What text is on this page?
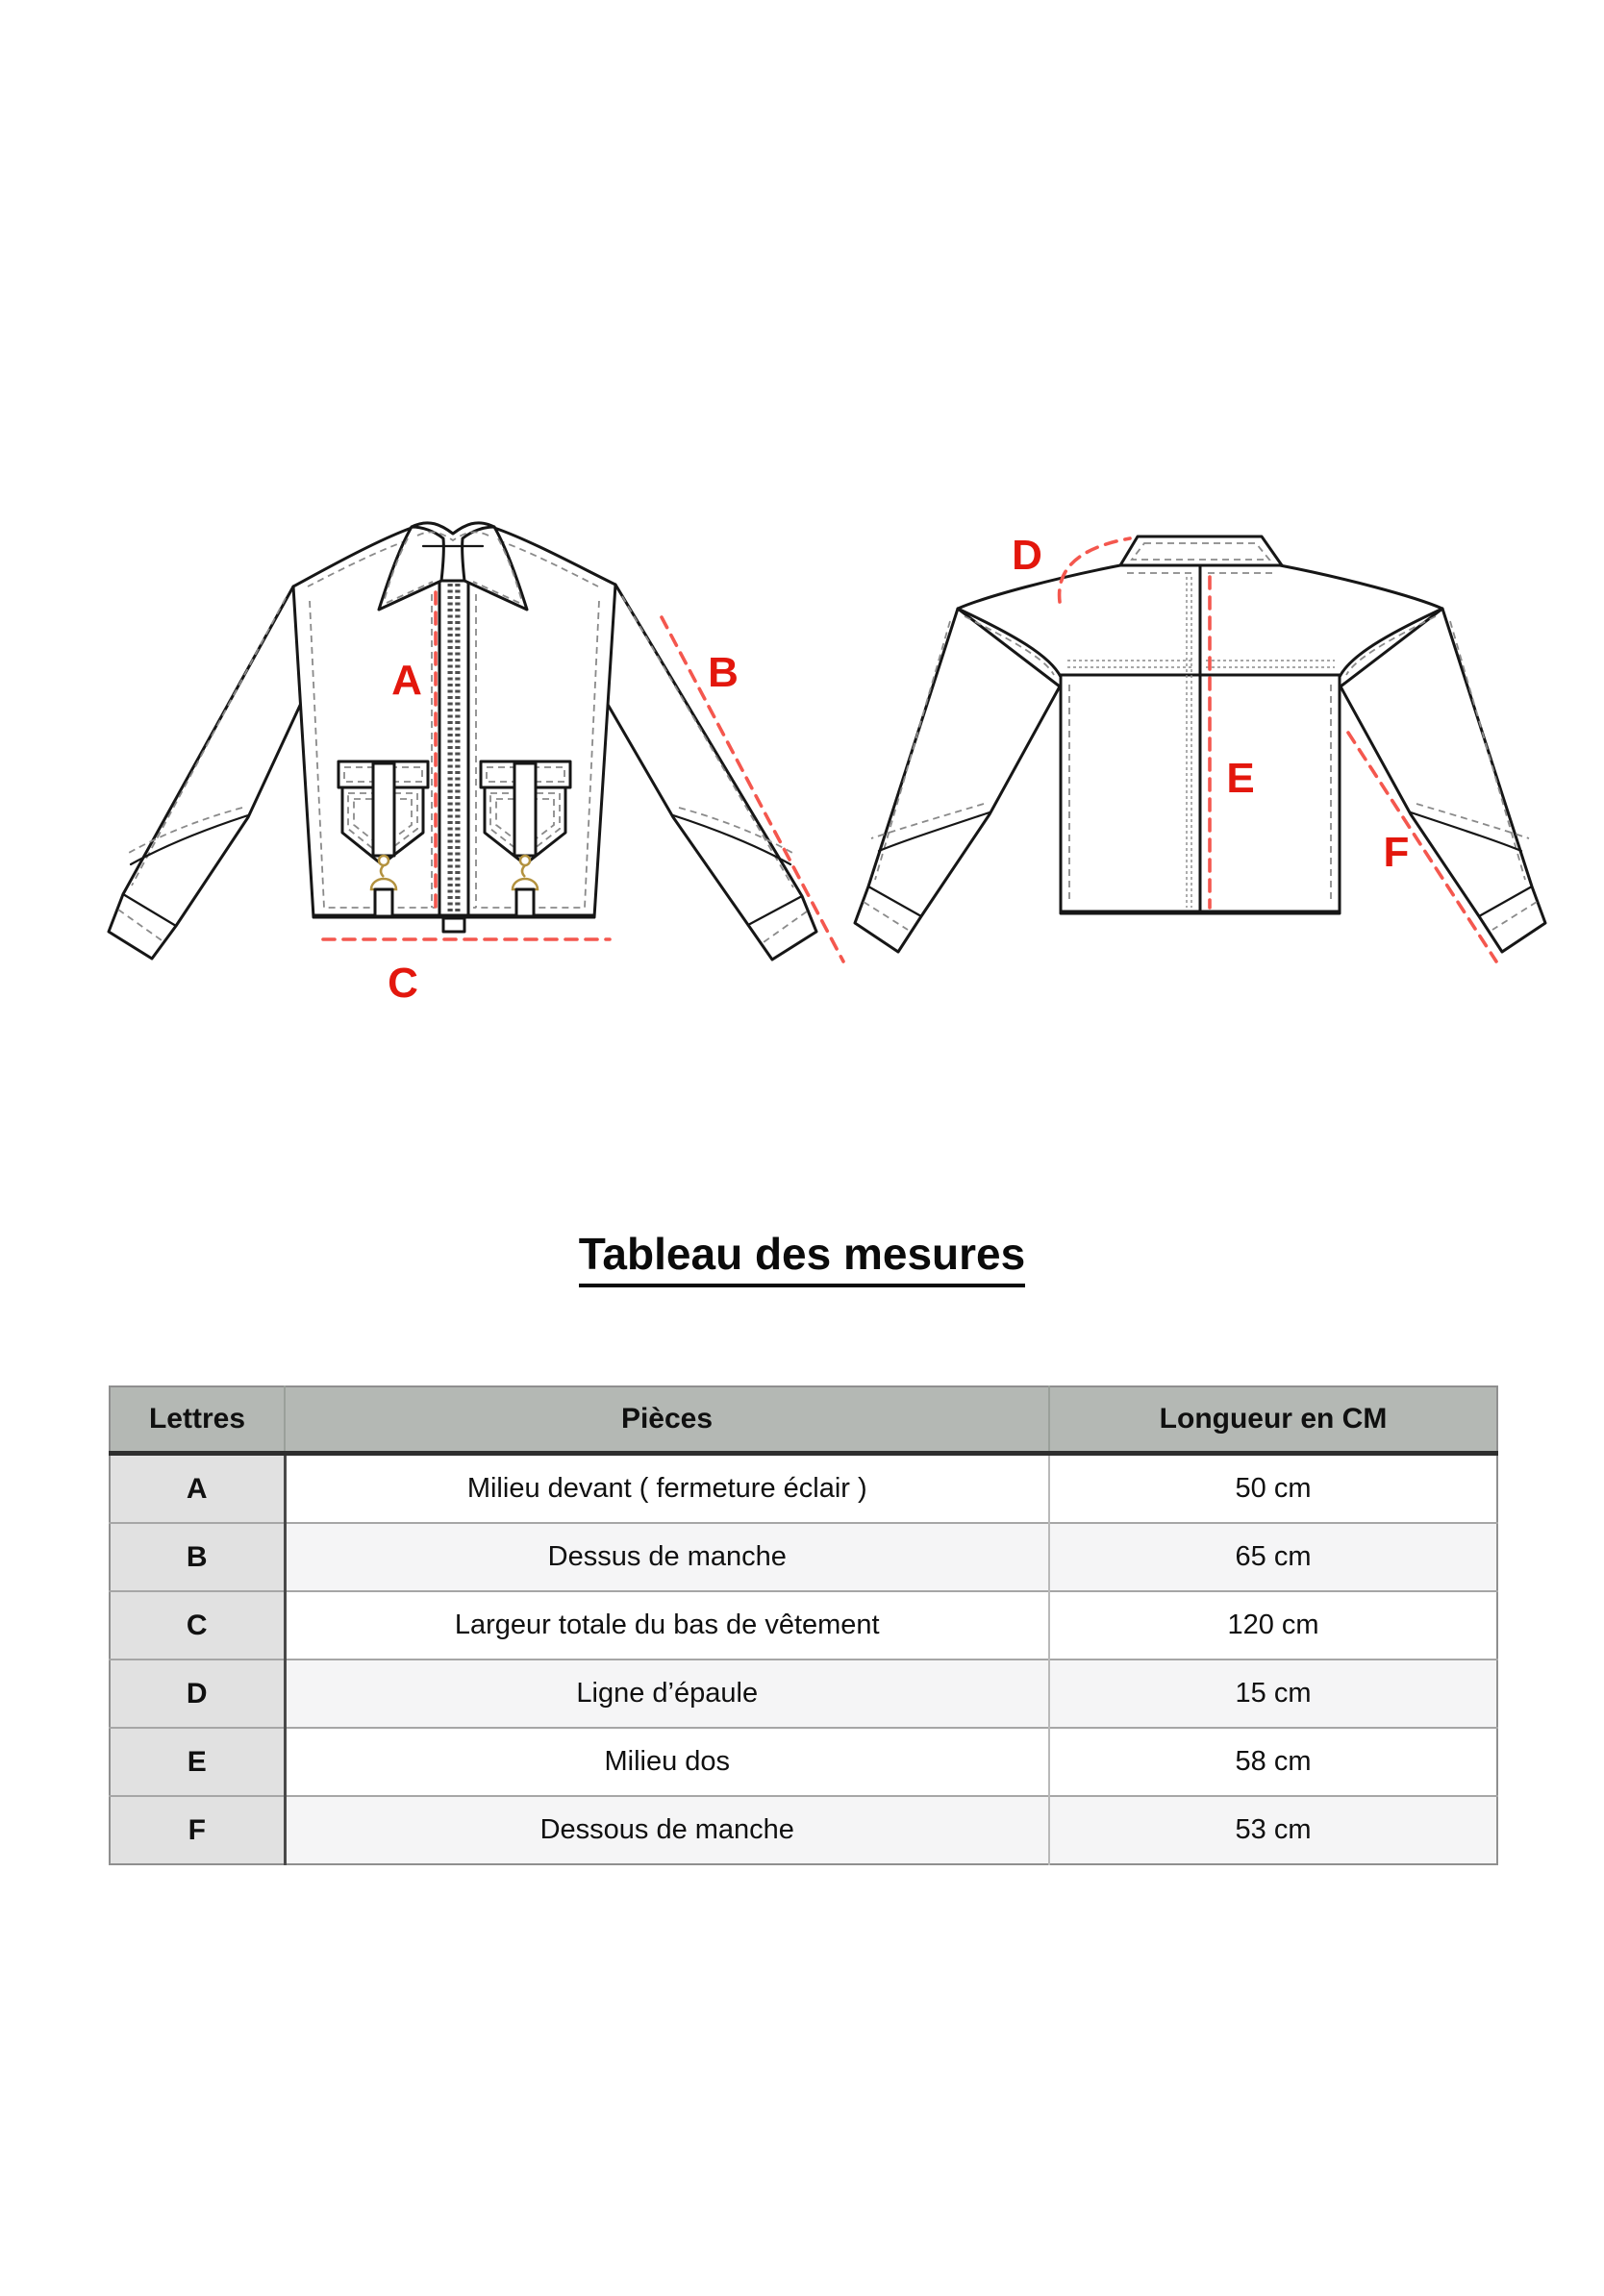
A	B
C
D
E
F
Tableau des mesures
Lettres	Pièces	Longueur en CM
A	Milieu devant ( fermeture éclair )	50 cm
B	Dessus de manche	65 cm
C	Largeur totale du bas de vêtement	120 cm
D	Ligne d’épaule	15 cm
E	Milieu dos	58 cm
F	Dessous de manche	53 cm
